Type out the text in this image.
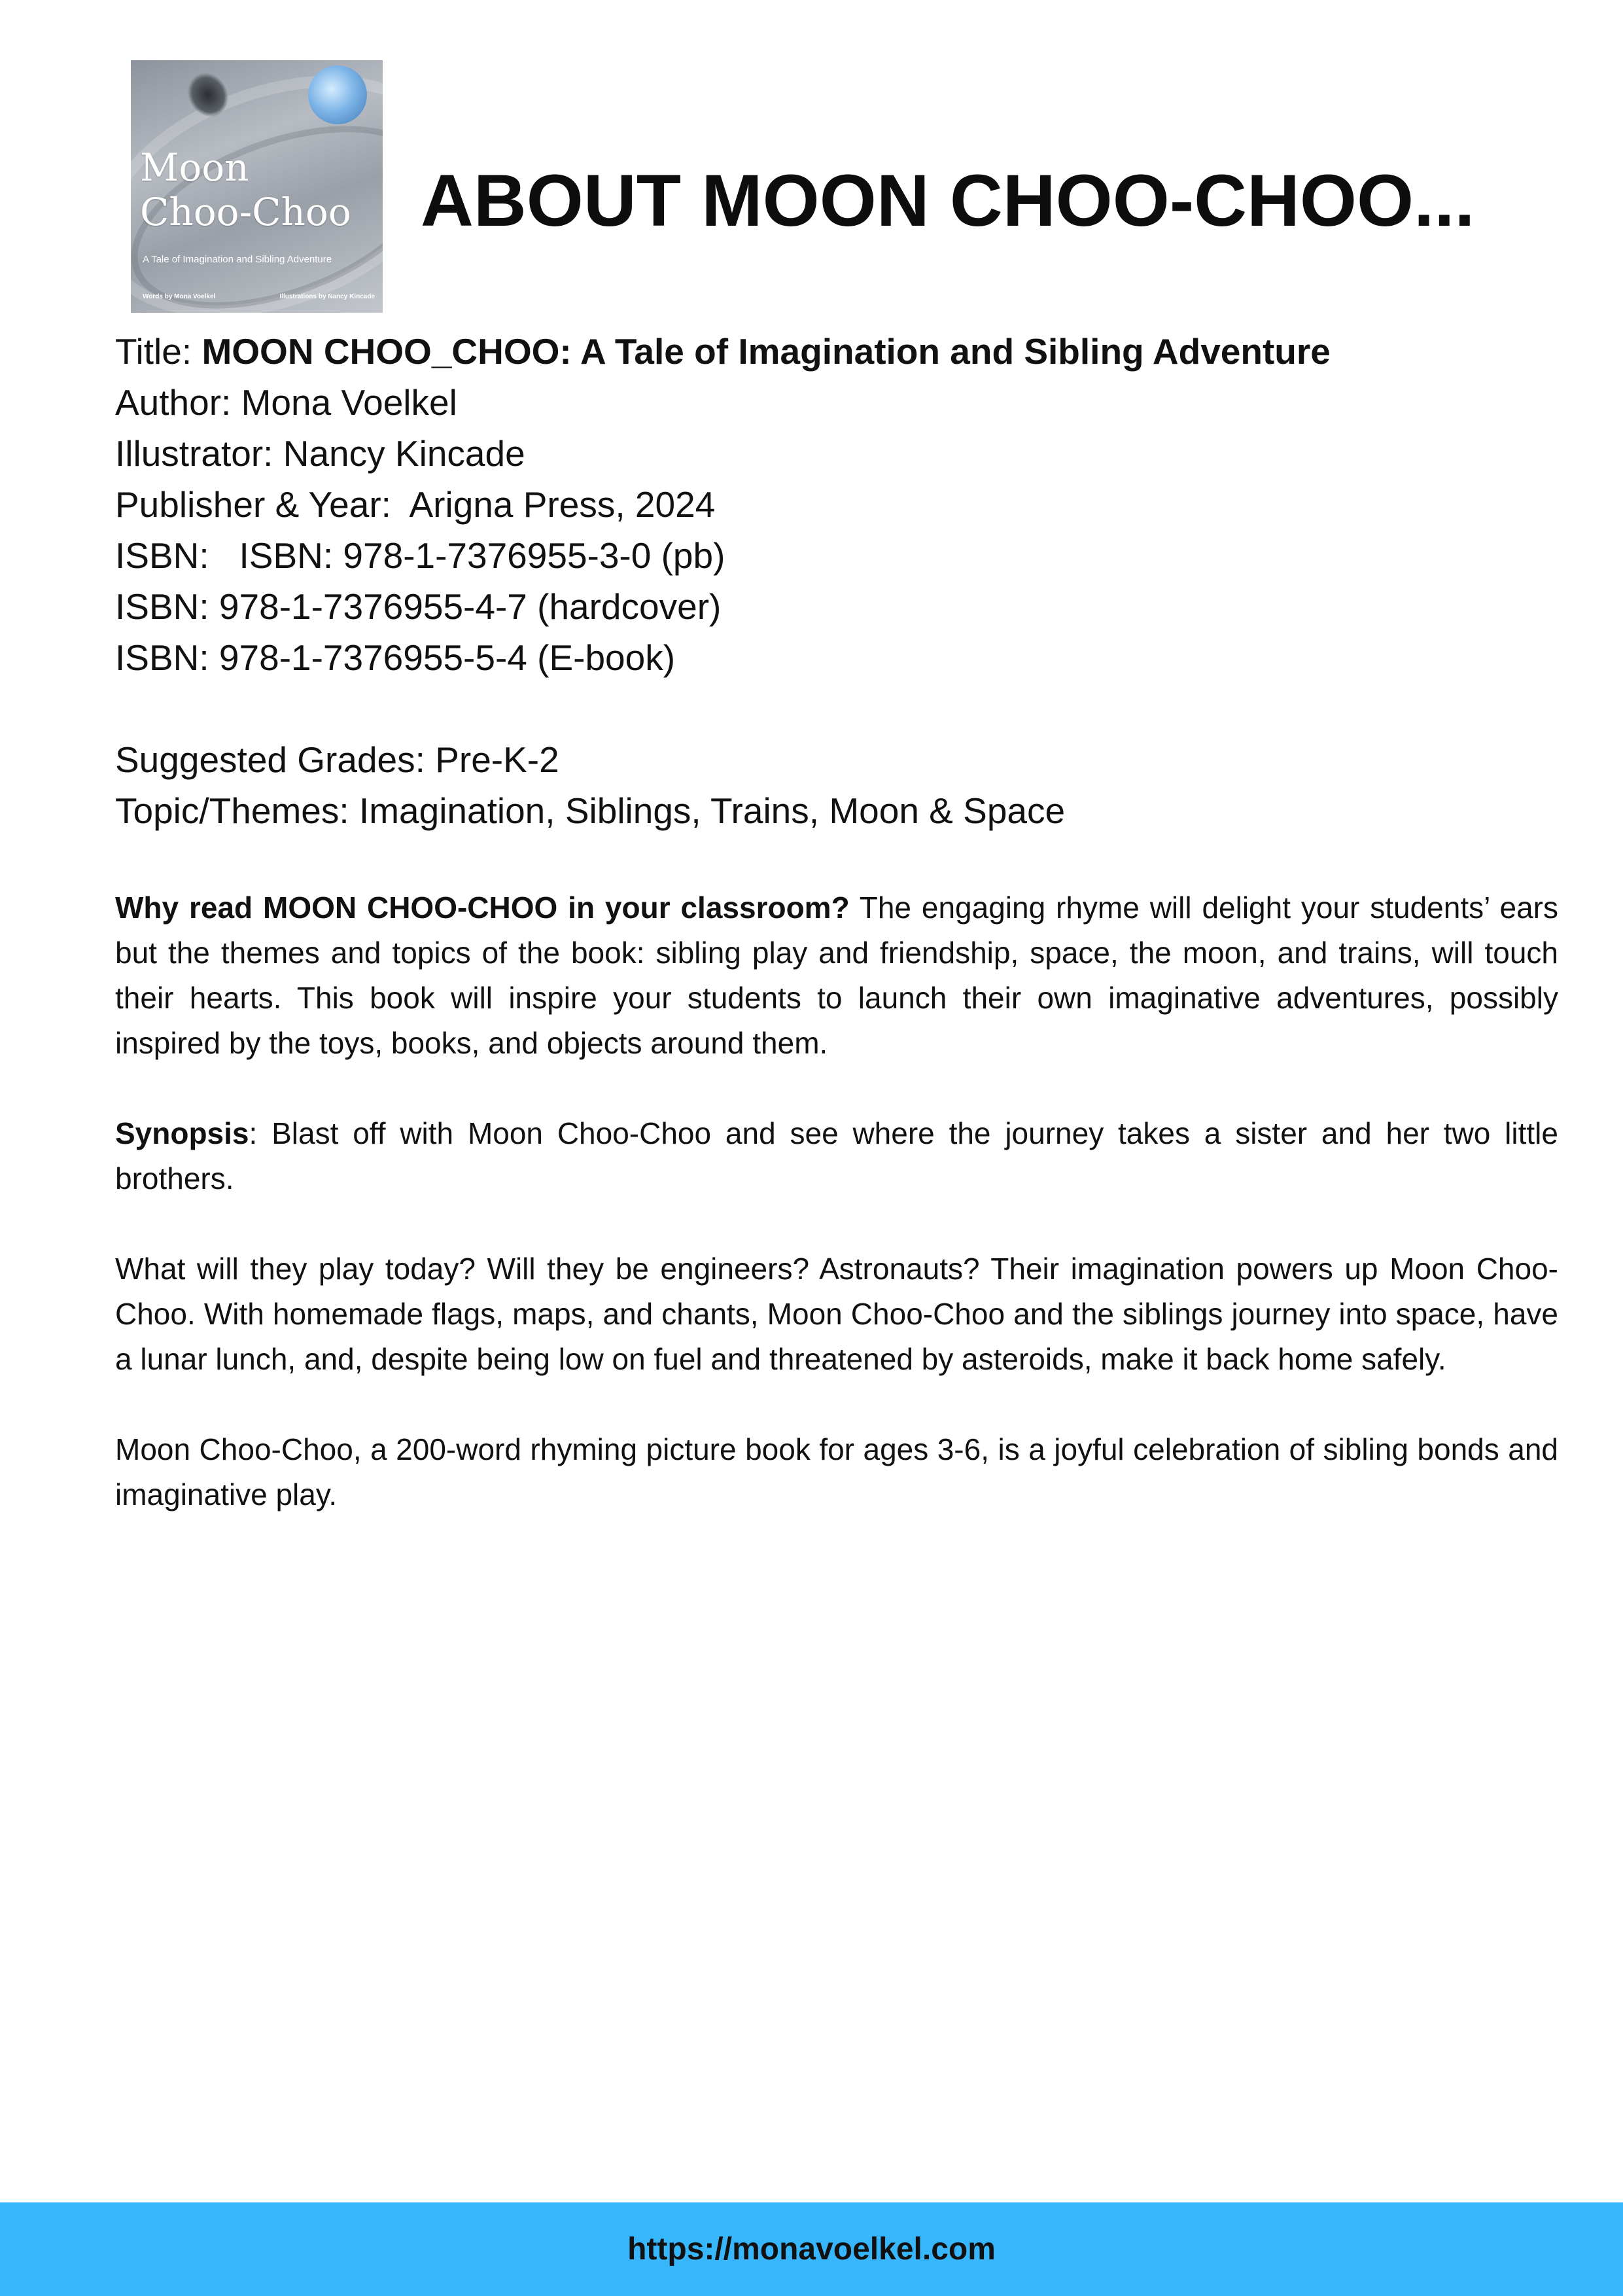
Moon
Choo-Choo
A Tale of Imagination and Sibling Adventure
Words by Mona Voelkel	Illustrations by Nancy Kincade
ABOUT MOON CHOO-CHOO...
Title: MOON CHOO_CHOO: A Tale of Imagination and Sibling Adventure
Author: Mona Voelkel
Illustrator: Nancy Kincade
Publisher & Year:  Arigna Press, 2024
ISBN:   ISBN: 978-1-7376955-3-0 (pb)
ISBN: 978-1-7376955-4-7 (hardcover)
ISBN: 978-1-7376955-5-4 (E-book)
Suggested Grades: Pre-K-2
Topic/Themes: Imagination, Siblings, Trains, Moon & Space

Why read MOON CHOO-CHOO in your classroom? The engaging rhyme will delight your students’ ears but the themes and topics of the book: sibling play and friendship, space, the moon, and trains, will touch their hearts. This book will inspire your students to launch their own imaginative adventures, possibly inspired by the toys, books, and objects around them.

Synopsis: Blast off with Moon Choo-Choo and see where the journey takes a sister and her two little brothers.

What will they play today? Will they be engineers? Astronauts? Their imagination powers up Moon Choo-Choo. With homemade flags, maps, and chants, Moon Choo-Choo and the siblings journey into space, have a lunar lunch, and, despite being low on fuel and threatened by asteroids, make it back home safely.

Moon Choo-Choo, a 200-word rhyming picture book for ages 3-6, is a joyful celebration of sibling bonds and imaginative play.

https://monavoelkel.com
